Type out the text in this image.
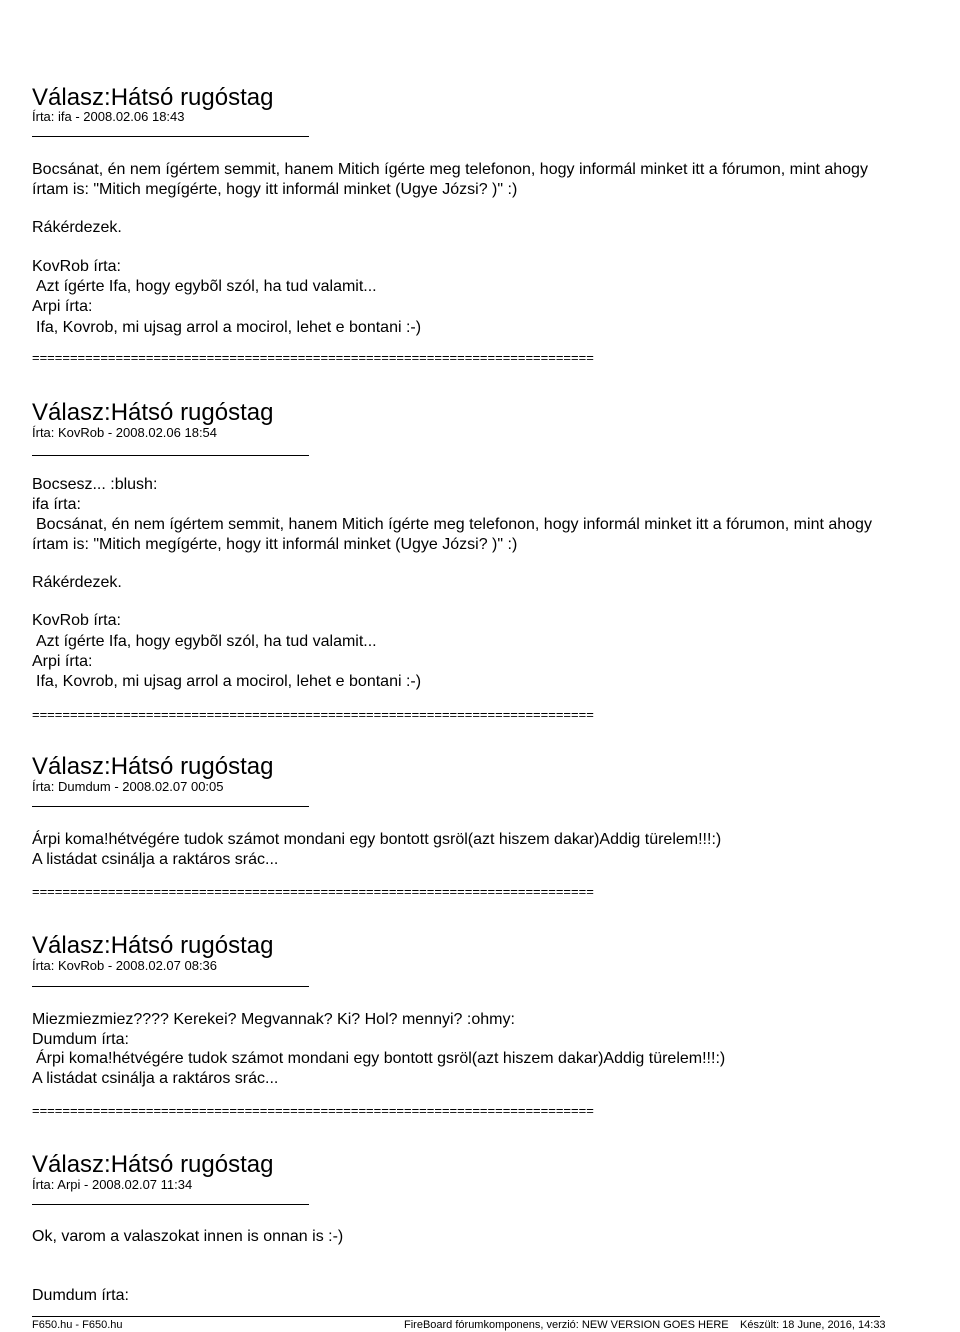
Válasz:Hátsó rugóstag
Írta: ifa - 2008.02.06 18:43
Bocsánat, én nem ígértem semmit, hanem Mitich ígérte meg telefonon, hogy informál minket itt a fórumon, mint ahogy
írtam is: "Mitich megígérte, hogy itt informál minket (Ugye Józsi? )" :)
Rákérdezek.
KovRob írta:
Azt ígérte Ifa, hogy egybõl szól, ha tud valamit...
Arpi írta:
Ifa, Kovrob, mi ujsag arrol a mocirol, lehet e bontani :-)
==========================================================================
Válasz:Hátsó rugóstag
Írta: KovRob - 2008.02.06 18:54
Bocsesz... :blush:
ifa írta:
Bocsánat, én nem ígértem semmit, hanem Mitich ígérte meg telefonon, hogy informál minket itt a fórumon, mint ahogy
írtam is: "Mitich megígérte, hogy itt informál minket (Ugye Józsi? )" :)
Rákérdezek.
KovRob írta:
Azt ígérte Ifa, hogy egybõl szól, ha tud valamit...
Arpi írta:
Ifa, Kovrob, mi ujsag arrol a mocirol, lehet e bontani :-)
==========================================================================
Válasz:Hátsó rugóstag
Írta: Dumdum - 2008.02.07 00:05
Árpi koma!hétvégére tudok számot mondani egy bontott gsröl(azt hiszem dakar)Addig türelem!!!:)
A listádat csinálja a raktáros srác...
==========================================================================
Válasz:Hátsó rugóstag
Írta: KovRob - 2008.02.07 08:36
Miezmiezmiez???? Kerekei? Megvannak? Ki? Hol? mennyi? :ohmy:
Dumdum írta:
Árpi koma!hétvégére tudok számot mondani egy bontott gsröl(azt hiszem dakar)Addig türelem!!!:)
A listádat csinálja a raktáros srác...
==========================================================================
Válasz:Hátsó rugóstag
Írta: Arpi - 2008.02.07 11:34
Ok, varom a valaszokat innen is onnan is :-)
Dumdum írta:
F650.hu - F650.hu	FireBoard fórumkomponens, verzió: NEW VERSION GOES HERE Készült: 18 June, 2016, 14:33
